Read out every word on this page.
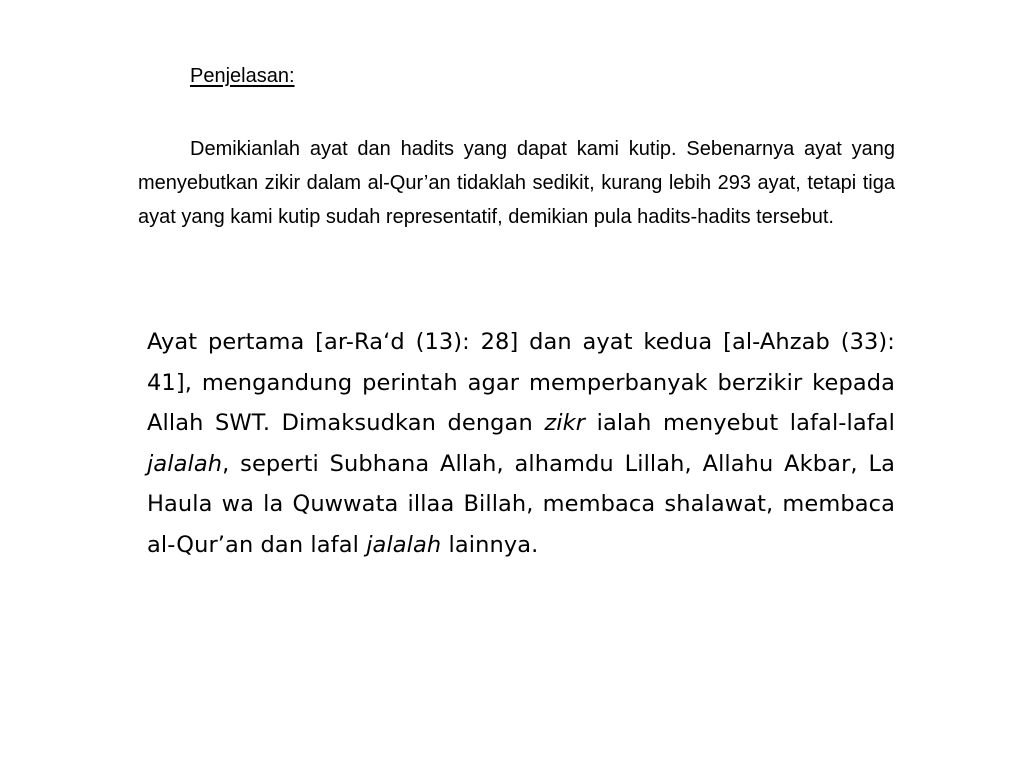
Penjelasan:

Demikianlah ayat dan hadits yang dapat kami kutip. Sebenarnya ayat yang menyebutkan zikir dalam al-Qur’an tidaklah sedikit, kurang lebih 293 ayat, tetapi tiga ayat yang kami kutip sudah representatif, demikian pula hadits-hadits tersebut.

Ayat pertama [ar-Ra‘d (13): 28] dan ayat kedua [al-Ahzab (33): 41], mengandung perintah agar memperbanyak berzikir kepada Allah SWT. Dimaksudkan dengan zikr ialah menyebut lafal-lafal jalalah, seperti Subhana Allah, alhamdu Lillah, Allahu Akbar, La Haula wa la Quwwata illaa Billah, membaca shalawat, membaca al-Qur’an dan lafal jalalah lainnya.
